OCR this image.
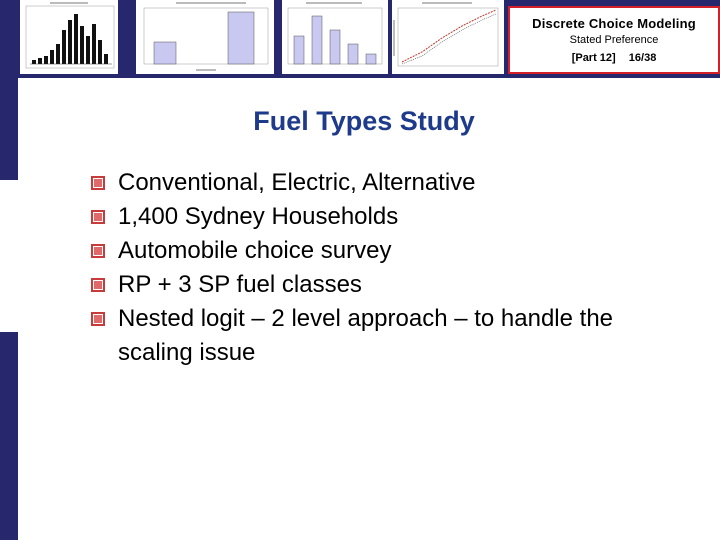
Discrete Choice Modeling
Stated Preference
[Part 12] 16/38
Fuel Types Study
Conventional, Electric, Alternative
1,400 Sydney Households
Automobile choice survey
RP + 3 SP fuel classes
Nested logit – 2 level approach – to handle the scaling issue
